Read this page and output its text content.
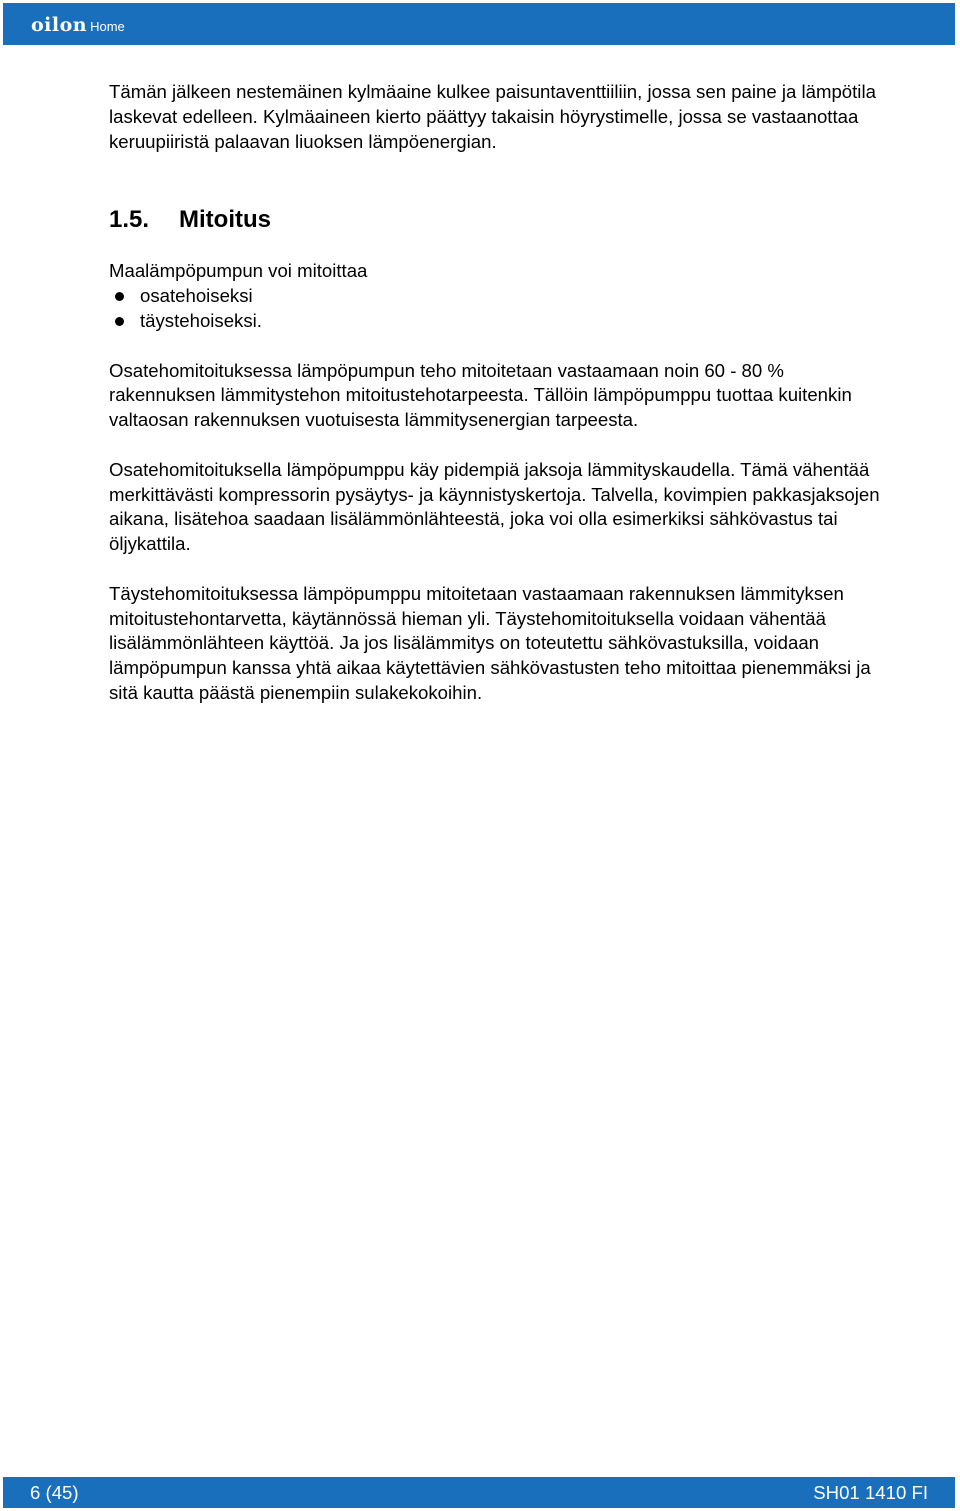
oilon Home

Tämän jälkeen nestemäinen kylmäaine kulkee paisuntaventtiiliin, jossa sen paine ja lämpötila laskevat edelleen. Kylmäaineen kierto päättyy takaisin höyrystimelle, jossa se vastaanottaa keruupiiristä palaavan liuoksen lämpöenergian.

1.5.	Mitoitus

Maalämpöpumpun voi mitoittaa

osatehoiseksi
täystehoiseksi.

Osatehomitoituksessa lämpöpumpun teho mitoitetaan vastaamaan noin 60 - 80 % rakennuksen lämmitystehon mitoitustehotarpeesta. Tällöin lämpöpumppu tuottaa kuitenkin valtaosan rakennuksen vuotuisesta lämmitysenergian tarpeesta.

Osatehomitoituksella lämpöpumppu käy pidempiä jaksoja lämmityskaudella. Tämä vähentää merkittävästi kompressorin pysäytys- ja käynnistyskertoja. Talvella, kovimpien pakkasjaksojen aikana, lisätehoa saadaan lisälämmönlähteestä, joka voi olla esimerkiksi sähkövastus tai öljykattila.

Täystehomitoituksessa lämpöpumppu mitoitetaan vastaamaan rakennuksen lämmityksen mitoitustehontarvetta, käytännössä hieman yli. Täystehomitoituksella voidaan vähentää lisälämmönlähteen käyttöä. Ja jos lisälämmitys on toteutettu sähkövastuksilla, voidaan lämpöpumpun kanssa yhtä aikaa käytettävien sähkövastusten teho mitoittaa pienemmäksi ja sitä kautta päästä pienempiin sulakekokoihin.

6 (45)	SH01 1410 FI
